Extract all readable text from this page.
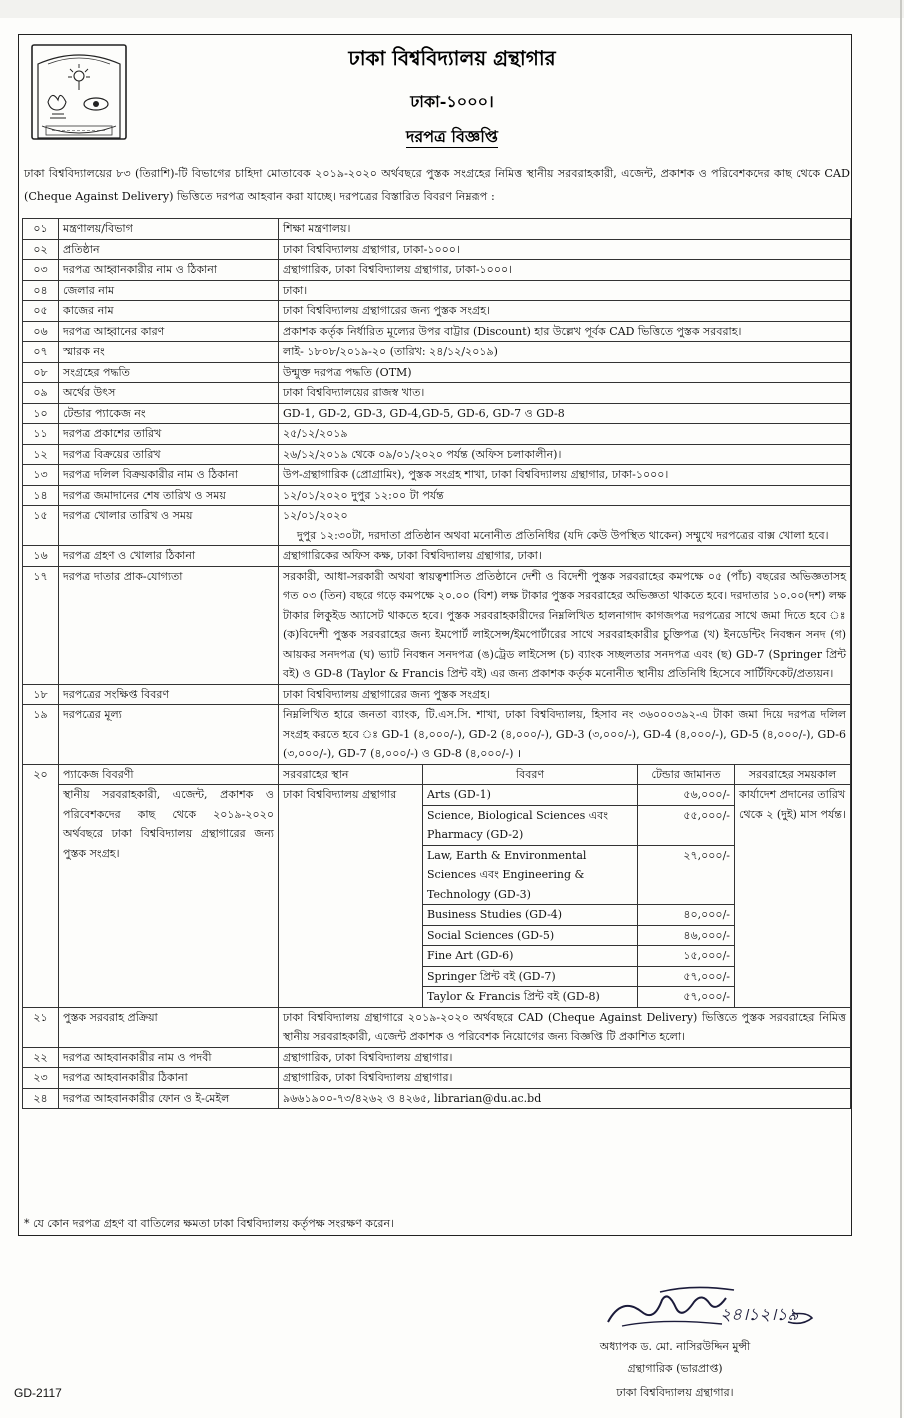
ঢাকা বিশ্ববিদ্যালয় গ্রন্থাগার
ঢাকা-১০০০।
দরপত্র বিজ্ঞপ্তি
ঢাকা বিশ্ববিদ্যালয়ের ৮৩ (তিরাশি)-টি বিভাগের চাহিদা মোতাবেক ২০১৯-২০২০ অর্থবছরে পুস্তক সংগ্রহের নিমিত্ত স্থানীয় সরবরাহকারী, এজেন্ট, প্রকাশক ও পরিবেশকদের কাছ থেকে CAD (Cheque Against Delivery) ভিত্তিতে দরপত্র আহবান করা যাচ্ছে। দরপত্রের বিস্তারিত বিবরণ নিম্নরূপ :
০১	মন্ত্রণালয়/বিভাগ	শিক্ষা মন্ত্রণালয়।			
০২	প্রতিষ্ঠান	ঢাকা বিশ্ববিদ্যালয় গ্রন্থাগার, ঢাকা-১০০০।			
০৩	দরপত্র আহ্বানকারীর নাম ও ঠিকানা	গ্রন্থাগারিক, ঢাকা বিশ্ববিদ্যালয় গ্রন্থাগার, ঢাকা-১০০০।			
০৪	জেলার নাম	ঢাকা।			
০৫	কাজের নাম	ঢাকা বিশ্ববিদ্যালয় গ্রন্থাগারের জন্য পুস্তক সংগ্রহ।			
০৬	দরপত্র আহ্বানের কারণ	প্রকাশক কর্তৃক নির্ধারিত মূল্যের উপর বাট্টার (Discount) হার উল্লেখ পূর্বক CAD ভিত্তিতে পুস্তক সরবরাহ।			
০৭	স্মারক নং	লাই- ১৮০৮/২০১৯-২০ (তারিখ: ২৪/১২/২০১৯)			
০৮	সংগ্রহের পদ্ধতি	উন্মুক্ত দরপত্র পদ্ধতি (OTM)			
০৯	অর্থের উৎস	ঢাকা বিশ্ববিদ্যালয়ের রাজস্ব খাত।			
১০	টেন্ডার প্যাকেজ নং	GD-1, GD-2, GD-3, GD-4,GD-5, GD-6, GD-7 ও GD-8			
১১	দরপত্র প্রকাশের তারিখ	২৫/১২/২০১৯			
১২	দরপত্র বিক্রয়ের তারিখ	২৬/১২/২০১৯ থেকে ০৯/০১/২০২০ পর্যন্ত (অফিস চলাকালীন)।			
১৩	দরপত্র দলিল বিক্রয়কারীর নাম ও ঠিকানা	উপ-গ্রন্থাগারিক (প্রোগ্রামিং), পুস্তক সংগ্রহ শাখা, ঢাকা বিশ্ববিদ্যালয় গ্রন্থাগার, ঢাকা-১০০০।			
১৪	দরপত্র জমাদানের শেষ তারিখ ও সময়	১২/০১/২০২০ দুপুর ১২:০০ টা পর্যন্ত			
১৫	দরপত্র খোলার তারিখ ও সময়	১২/০১/২০২০
দুপুর ১২:৩০টা, দরদাতা প্রতিষ্ঠান অথবা মনোনীত প্রতিনিধির (যদি কেউ উপস্থিত থাকেন) সম্মুখে দরপত্রের বাক্স খোলা হবে।			

১৬	দরপত্র গ্রহণ ও খোলার ঠিকানা	গ্রন্থাগারিকের অফিস কক্ষ, ঢাকা বিশ্ববিদ্যালয় গ্রন্থাগার, ঢাকা।			
১৭	দরপত্র দাতার প্রাক-যোগ্যতা	সরকারী, আধা-সরকারী অথবা স্বায়ত্বশাসিত প্রতিষ্ঠানে দেশী ও বিদেশী পুস্তক সরবরাহের কমপক্ষে ০৫ (পাঁচ) বছরের অভিজ্ঞতাসহ গত ০৩ (তিন) বছরে গড়ে কমপক্ষে ২০.০০ (বিশ) লক্ষ টাকার পুস্তক সরবরাহের অভিজ্ঞতা থাকতে হবে। দরদাতার ১০.০০(দশ) লক্ষ টাকার লিকুইড অ্যাসেট থাকতে হবে। পুস্তক সরবরাহকারীদের নিম্নলিখিত হালনাগাদ কাগজপত্র দরপত্রের সাথে জমা দিতে হবে ঃ (ক)বিদেশী পুস্তক সরবরাহের জন্য ইমপোর্ট লাইসেন্স/ইমপোর্টারের সাথে সরবরাহকারীর চুক্তিপত্র (খ) ইনডেন্টিং নিবন্ধন সনদ (গ) আয়কর সনদপত্র (ঘ) ভ্যাট নিবন্ধন সনদপত্র (ঙ)ট্রেড লাইসেন্স (চ) ব্যাংক সচ্ছলতার সনদপত্র এবং (ছ) GD-7 (Springer প্রিন্ট বই) ও GD-8 (Taylor & Francis প্রিন্ট বই) এর জন্য প্রকাশক কর্তৃক মনোনীত স্থানীয় প্রতিনিধি হিসেবে সার্টিফিকেট/প্রত্যয়ন।			
১৮	দরপত্রের সংক্ষিপ্ত বিবরণ	ঢাকা বিশ্ববিদ্যালয় গ্রন্থাগারের জন্য পুস্তক সংগ্রহ।			
১৯	দরপত্রের মূল্য	নিম্নলিখিত হারে জনতা ব্যাংক, টি.এস.সি. শাখা, ঢাকা বিশ্ববিদ্যালয়, হিসাব নং ৩৬০০০৩৯২-এ টাকা জমা দিয়ে দরপত্র দলিল সংগ্রহ করতে হবে ঃ GD-1 (৪,০০০/-), GD-2 (৪,০০০/-), GD-3 (৩,০০০/-), GD-4 (৪,০০০/-), GD-5 (৪,০০০/-), GD-6 (৩,০০০/-), GD-7 (৪,০০০/-) ও GD-8 (৪,০০০/-) ।			
২০	প্যাকেজ বিবরণী	সরবরাহের স্থান	বিবরণ	টেন্ডার জামানত	সরবরাহের সময়কাল
	স্থানীয় সরবরাহকারী, এজেন্ট, প্রকাশক ও পরিবেশকদের কাছ থেকে ২০১৯-২০২০ অর্থবছরে ঢাকা বিশ্ববিদ্যালয় গ্রন্থাগারের জন্য পুস্তক সংগ্রহ।	ঢাকা বিশ্ববিদ্যালয় গ্রন্থাগার	Arts (GD-1)	৫৬,০০০/-	কার্যাদেশ প্রদানের তারিখ থেকে ২ (দুই) মাস পর্যন্ত।
			Science, Biological Sciences এবং Pharmacy (GD-2)	৫৫,০০০/-	
			Law, Earth & Environmental Sciences এবং Engineering & Technology (GD-3)	২৭,০০০/-	
			Business Studies (GD-4)	৪০,০০০/-	
			Social Sciences (GD-5)	৪৬,০০০/-	
			Fine Art (GD-6)	১৫,০০০/-	
			Springer প্রিন্ট বই (GD-7)	৫৭,০০০/-	
			Taylor & Francis প্রিন্ট বই (GD-8)	৫৭,০০০/-	
২১	পুস্তক সরবরাহ প্রক্রিয়া	ঢাকা বিশ্ববিদ্যালয় গ্রন্থাগারে ২০১৯-২০২০ অর্থবছরে CAD (Cheque Against Delivery) ভিত্তিতে পুস্তক সরবরাহের নিমিত্ত স্থানীয় সরবরাহকারী, এজেন্ট প্রকাশক ও পরিবেশক নিয়োগের জন্য বিজ্ঞপ্তি টি প্রকাশিত হলো।			
২২	দরপত্র আহবানকারীর নাম ও পদবী	গ্রন্থাগারিক, ঢাকা বিশ্ববিদ্যালয় গ্রন্থাগার।			
২৩	দরপত্র আহবানকারীর ঠিকানা	গ্রন্থাগারিক, ঢাকা বিশ্ববিদ্যালয় গ্রন্থাগার।			
২৪	দরপত্র আহবানকারীর ফোন ও ই-মেইল	৯৬৬১৯০০-৭৩/৪২৬২ ও ৪২৬৫, librarian@du.ac.bd			
* যে কোন দরপত্র গ্রহণ বা বাতিলের ক্ষমতা ঢাকা বিশ্ববিদ্যালয় কর্তৃপক্ষ সংরক্ষণ করেন।
২৪।১২।১৯
অধ্যাপক ড. মো. নাসিরউদ্দিন মুন্সী
গ্রন্থাগারিক (ভারপ্রাপ্ত)
ঢাকা বিশ্ববিদ্যালয় গ্রন্থাগার।
GD-2117
